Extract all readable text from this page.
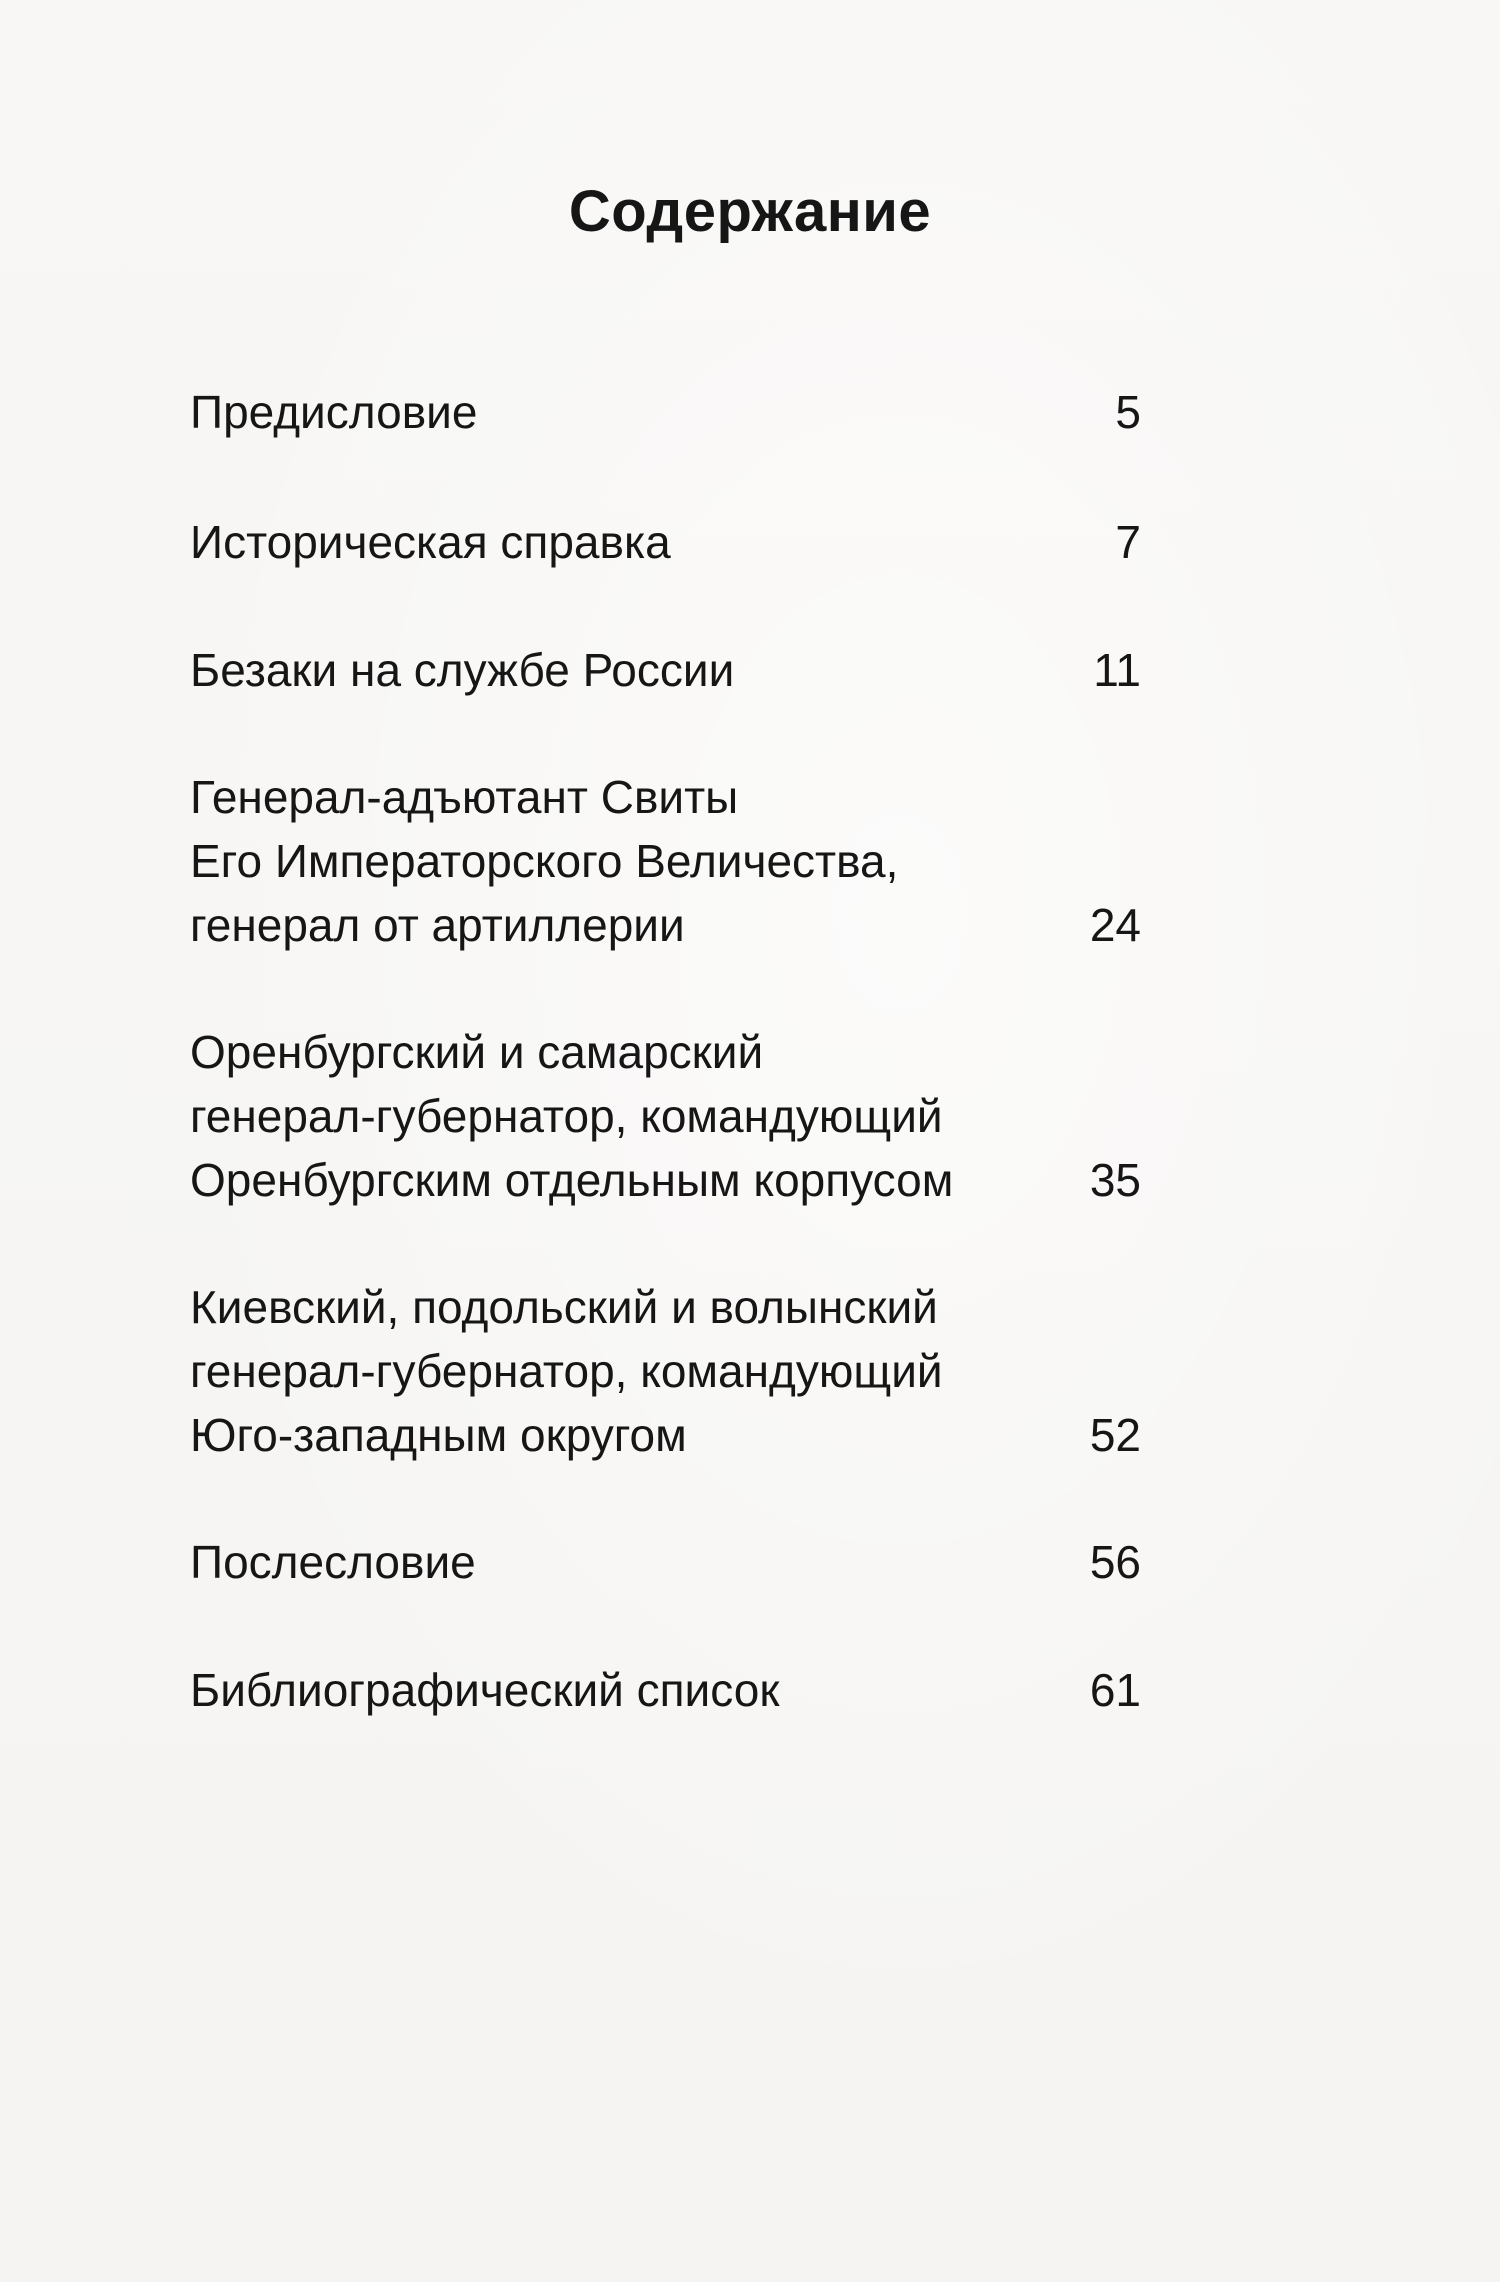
Содержание
Предисловие	5
Историческая справка	7
Безаки на службе России	11
Генерал-адъютант Свиты
Его Императорского Величества,
генерал от артиллерии	24
Оренбургский и самарский
генерал-губернатор, командующий
Оренбургским отдельным корпусом	35
Киевский, подольский и волынский
генерал-губернатор, командующий
Юго-западным округом	52
Послесловие	56
Библиографический список	61
